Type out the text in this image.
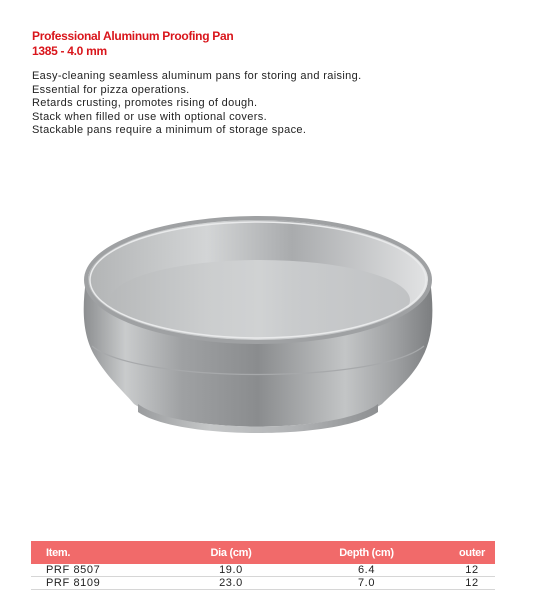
Professional Aluminum Proofing Pan
1385 - 4.0 mm
Easy-cleaning seamless aluminum pans for storing and raising.
Essential for pizza operations.
Retards crusting, promotes rising of dough.
Stack when filled or use with optional covers.
Stackable pans require a minimum of storage space.
Item.	Dia (cm)	Depth (cm)	outer
PRF 8507	19.0	6.4	12
PRF 8109	23.0	7.0	12
